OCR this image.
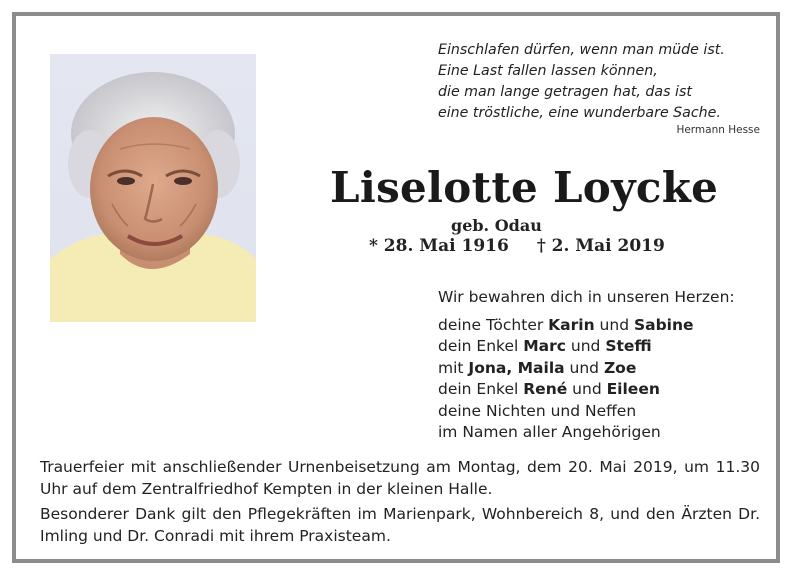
Einschlafen dürfen, wenn man müde ist.
Eine Last fallen lassen können,
die man lange getragen hat, das ist
eine tröstliche, eine wunderbare Sache.
Hermann Hesse
Liselotte Loycke
geb. Odau
* 28. Mai 1916 † 2. Mai 2019
Wir bewahren dich in unseren Herzen:
deine Töchter Karin und Sabine
dein Enkel Marc und Steffi
mit Jona, Maila und Zoe
dein Enkel René und Eileen
deine Nichten und Neffen
im Namen aller Angehörigen

Trauerfeier mit anschließender Urnenbeisetzung am Montag, dem 20. Mai 2019, um 11.30 Uhr auf dem Zentralfriedhof Kempten in der kleinen Halle.

Besonderer Dank gilt den Pflegekräften im Marienpark, Wohnbereich 8, und den Ärzten Dr. Imling und Dr. Conradi mit ihrem Praxisteam.
